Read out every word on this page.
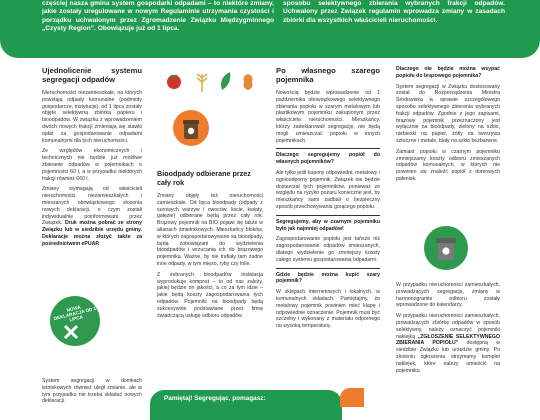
częściej nasza gmina system gospodarki odpadami – to niektóre zmiany, jakie zostały uregulowane w nowym Regulaminie utrzymania czystości i porządku uchwalonym przez Zgromadzenie Związku Międzygminnego „Czysty Region”. Obowiązuje już od 1 lipca.
sposobu selektywnego zbierania wybranych frakcji odpadów. Uchwalony przez Związek regulamin wprowadza zmiany w zasadach zbiórki dla wszystkich właścicieli nieruchomości.
Ujednolicenie systemu segregacji odpadów

Nieruchomości niezamieszkałe, na których powstają odpady komunalne (podmioty gospodarcze, instytucje), od 1 lipca zostały objęte selektywną zbiórką papieru i bioodpadów. W związku z wprowadzeniem dwóch nowych frakcji zmieniają się stawki opłat za gospodarowanie odpadami komunalnymi dla tych nieruchomości.

Ze względów ekonomicznych i technicznych nie będzie już możliwe zbieranie odpadów w pojemnikach o pojemności 60 l, a w przypadku niektórych frakcji również 660 l.

Zmiany wymagają od właścicieli nieruchomości niezamieszkałych i mieszanych obowiązkowego złożenia nowych deklaracji, o czym zostali indywidualnie poinformowani przez Związek. Druk można pobrać ze strony Związku lub w siedzibie urzędu gminy. Deklaracje można złożyć także za pośrednictwem ePUAP.

NOWA DEKLARACJA OD 1 LIPCA

System segregacji w domkach letniskowych również uległ zmianie, ale w tym przypadku nie trzeba składać nowych deklaracji.

Bioodpady odbierane przez cały rok

Zmiany objęły też nieruchomości zamieszkałe. Od lipca bioodpady (odpady z surowych warzyw i owoców, liście, kwiaty, gałęzie) odbierane będą przez cały rok. Brązowy pojemnik na BIO pojawi się także w altanach śmietnikowych. Mieszkańcy bloków, w których zagospodarowywane są bioodpady, będą zobowiązani do wydzielenia bioodpadów i wrzucania ich do brązowego pojemnika. Ważne, by nie trafiały tam żadne inne odpady, w tym mięso, ryby czy folie.

Z zebranych bioodpadów instalacja wyprodukuje kompost – to od nas zależy, jakiej będzie on jakości, a co za tym idzie – jakie będą koszty zagospodarowania tych odpadów. Pojemniki na bioodpady będą sukcesywnie podstawiane przez firmę świadczącą usługę odbioru odpadów.

Po własnego szarego pojemnika

Nowością będzie wprowadzenie od 1 października obowiązkowego selektywnego zbierania popiołu w szarym metalowym lub plastikowym pojemniku zakupionym przez właściciela nieruchomości. Mieszkańcy, którzy zadeklarowali segregację, nie będą mogli umieszczać popiołu w innych pojemnikach.

Dlaczego segregujemy popiół do własnych pojemników?

Ale tylko jeśli kupimy odpowiedni, metalowy i ognioodporny pojemnik. Związek nie będzie dostarczał tych pojemników, ponieważ ze względu na ryzyko pożaru konieczne jest, by mieszkańcy sami zadbali o bezpieczny sposób przechowywania gorącego popiołu.

Segregujemy, aby w czarnym pojemniku było jak najmniej odpadów!

Zagospodarowanie popiołu jest tańsze niż zagospodarowanie odpadów zmieszanych, dlatego wydzielenie go zmniejszy koszty całego systemu gospodarowania odpadami.

Gdzie będzie można kupić szary pojemnik?

W sklepach internetowych i lokalnych, w komunalnych składach. Pamiętajmy, że metalowy pojemnik powinien mieć klapę i odpowiednie oznaczenie. Pojemnik musi być szczelny i wykonany z materiału odpornego na wysoką temperaturę.

Dlaczego nie będzie można wsypać popiołu do brązowego pojemnika?

System segregacji w Związku dostosowany został do Rozporządzenia Ministra Środowiska w sprawie szczegółowego sposobu selektywnego zbierania wybranych frakcji odpadów. Zgodnie z jego zapisami, brązowy pojemnik przeznaczony jest wyłącznie na bioodpady, zielony na szkło, niebieski na papier, żółty na tworzywa sztuczne i metale, biały na szkło bezbarwne.

Zamiast popiołu w czarnym pojemniku zmniejszamy koszty odbioru zmieszanych odpadów komunalnych, w których nie powinien się znaleźć popiół z domowych palenisk.

W przypadku nieruchomości zamieszkałych, prowadzących segregację, zmiany w harmonogramie odbioru zostały wprowadzone do kalendarzy.

W przypadku nieruchomości zamieszkałych, prowadzących zbiórkę odpadów w sposób selektywny, należy oznaczyć pojemniki naklejką „ZGŁOSZENIE SELEKTYWNEGO ZBIERANIA POPIOŁU” dostępną w siedzibie Związku lub urzędzie gminy. Po złożeniu zgłoszenia otrzymamy komplet naklejek, które należy umieścić na pojemniku.

Pamiętaj! Segregując, pomagasz:
